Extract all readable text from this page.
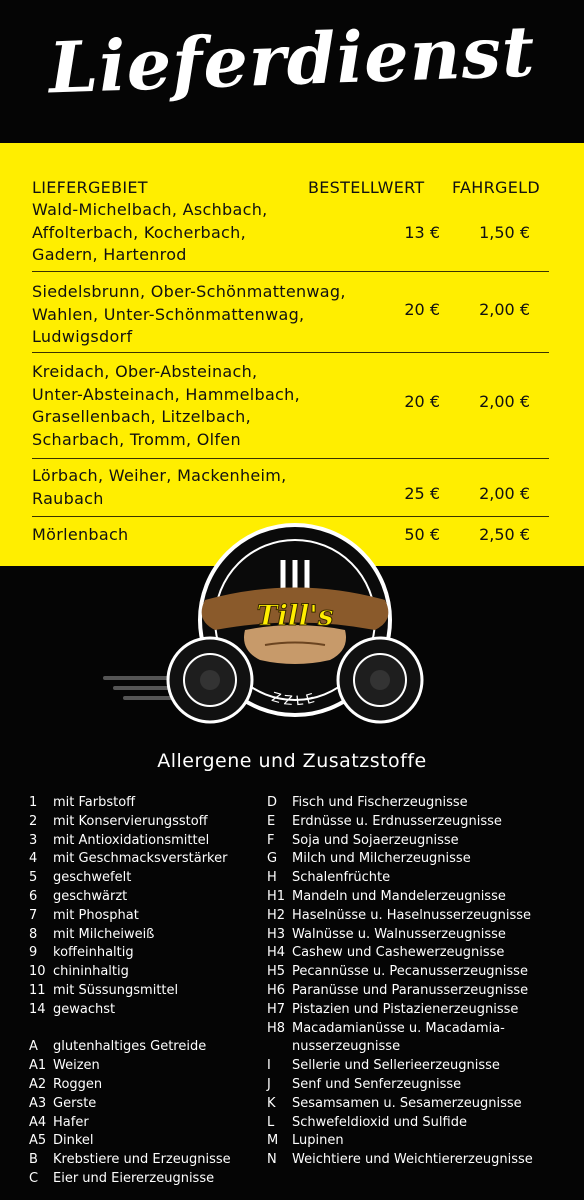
Lieferdienst
LIEFERGEBIET	BESTELLWERT FAHRGELD
Wald-Michelbach, Aschbach,
Affolterbach, Kocherbach,
Gadern, Hartenrod
13 €	1,50 €
Siedelsbrunn, Ober-Schönmattenwag,
Wahlen, Unter-Schönmattenwag,
Ludwigsdorf
20 €	2,00 €
Kreidach, Ober-Absteinach,
Unter-Absteinach, Hammelbach,
Grasellenbach, Litzelbach,
Scharbach, Tromm, Olfen
20 €	2,00 €
Lörbach, Weiher, Mackenheim,
Raubach	25 €	2,00 €
Mörlenbach	50 €	2,50 €
ZZLE
Till's
Allergene und Zusatzstoffe
1 mit Farbstoff
2 mit Konservierungsstoff
3 mit Antioxidationsmittel
4 mit Geschmacksverstärker
5 geschwefelt
6 geschwärzt
7 mit Phosphat
8 mit Milcheiweiß
9 koffeinhaltig
10 chininhaltig
11 mit Süssungsmittel
14 gewachst
A glutenhaltiges Getreide
A1 Weizen
A2 Roggen
A3 Gerste
A4 Hafer
A5 Dinkel
B Krebstiere und Erzeugnisse
C Eier und Eiererzeugnisse
D Fisch und Fischerzeugnisse
E Erdnüsse u. Erdnusserzeugnisse
F Soja und Sojaerzeugnisse
G Milch und Milcherzeugnisse
H Schalenfrüchte
H1 Mandeln und Mandelerzeugnisse
H2 Haselnüsse u. Haselnusserzeugnisse
H3 Walnüsse u. Walnusserzeugnisse
H4 Cashew und Cashewerzeugnisse
H5 Pecannüsse u. Pecanusserzeugnisse
H6 Paranüsse und Paranusserzeugnisse
H7 Pistazien und Pistazienerzeugnisse
H8 Macadamianüsse u. Macadamia-
nusserzeugnisse
I Sellerie und Sellerieerzeugnisse
J Senf und Senferzeugnisse
K Sesamsamen u. Sesamerzeugnisse
L Schwefeldioxid und Sulfide
M Lupinen
N Weichtiere und Weichtiererzeugnisse
